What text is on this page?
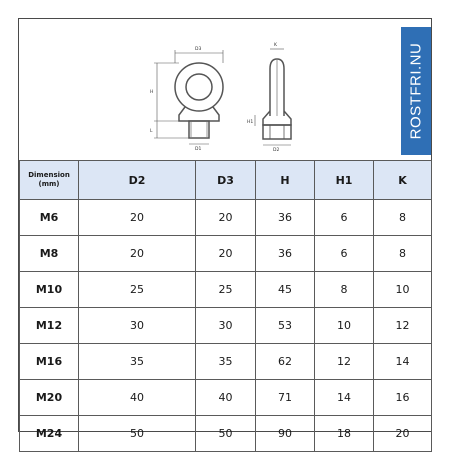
D3
H
L
D1
K
H1
D2
ROSTFRI.NU
Dimension
(mm)	D2	D3	H	H1	K
M6	20	20	36	6	8
M8	20	20	36	6	8
M10	25	25	45	8	10
M12	30	30	53	10	12
M16	35	35	62	12	14
M20	40	40	71	14	16
M24	50	50	90	18	20
